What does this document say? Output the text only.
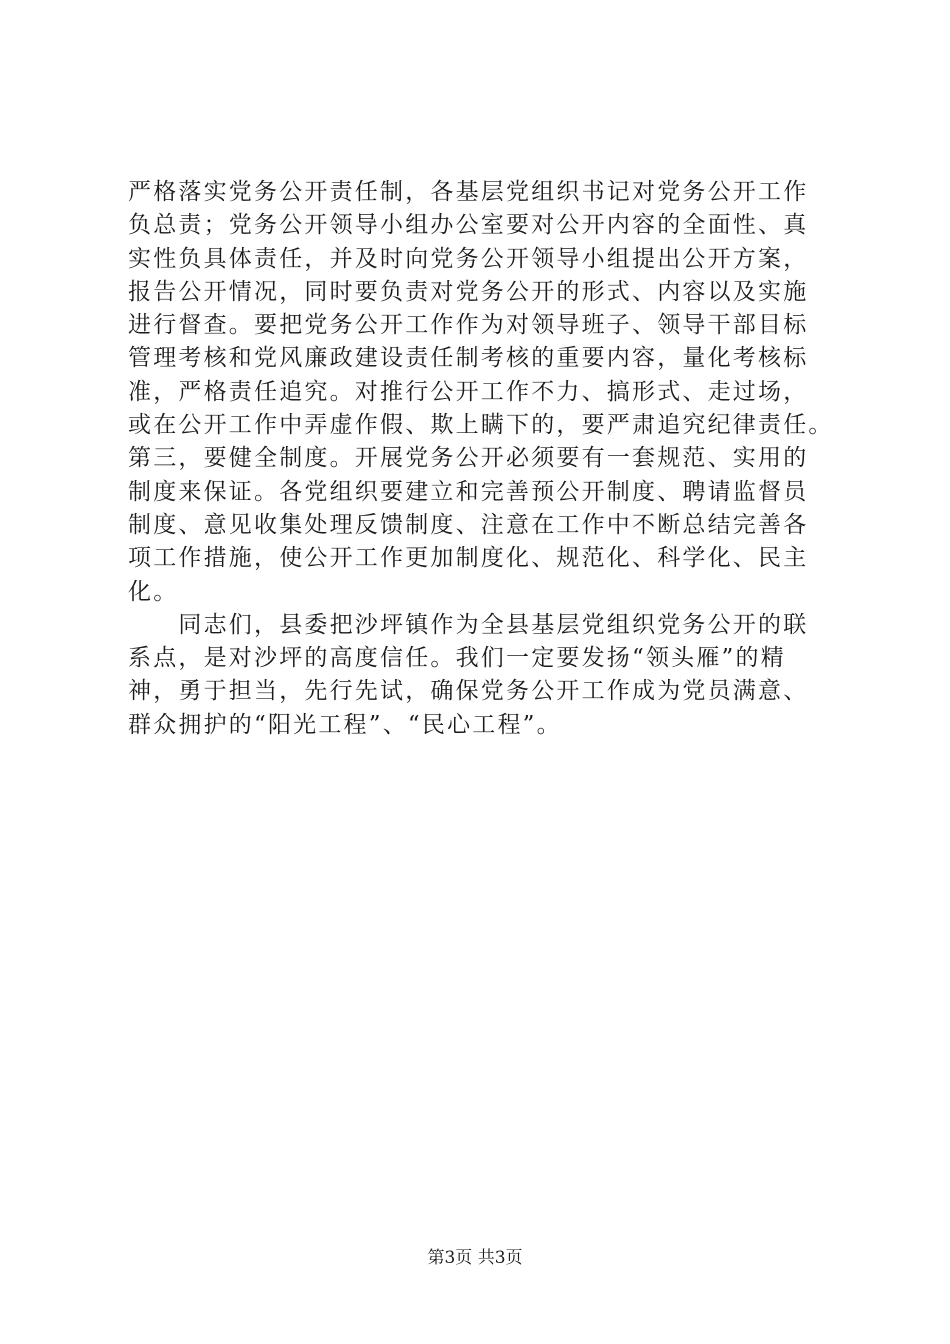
严格落实党务公开责任制，各基层党组织书记对党务公开工作
负总责；党务公开领导小组办公室要对公开内容的全面性、真
实性负具体责任，并及时向党务公开领导小组提出公开方案，
报告公开情况，同时要负责对党务公开的形式、内容以及实施
进行督查。要把党务公开工作作为对领导班子、领导干部目标
管理考核和党风廉政建设责任制考核的重要内容，量化考核标
准，严格责任追究。对推行公开工作不力、搞形式、走过场，
或在公开工作中弄虚作假、欺上瞒下的，要严肃追究纪律责任。
第三，要健全制度。开展党务公开必须要有一套规范、实用的
制度来保证。各党组织要建立和完善预公开制度、聘请监督员
制度、意见收集处理反馈制度、注意在工作中不断总结完善各
项工作措施，使公开工作更加制度化、规范化、科学化、民主
化。
　　同志们，县委把沙坪镇作为全县基层党组织党务公开的联
系点，是对沙坪的高度信任。我们一定要发扬“领头雁”的精
神，勇于担当，先行先试，确保党务公开工作成为党员满意、
群众拥护的“阳光工程”、“民心工程”。
第3页 共3页
